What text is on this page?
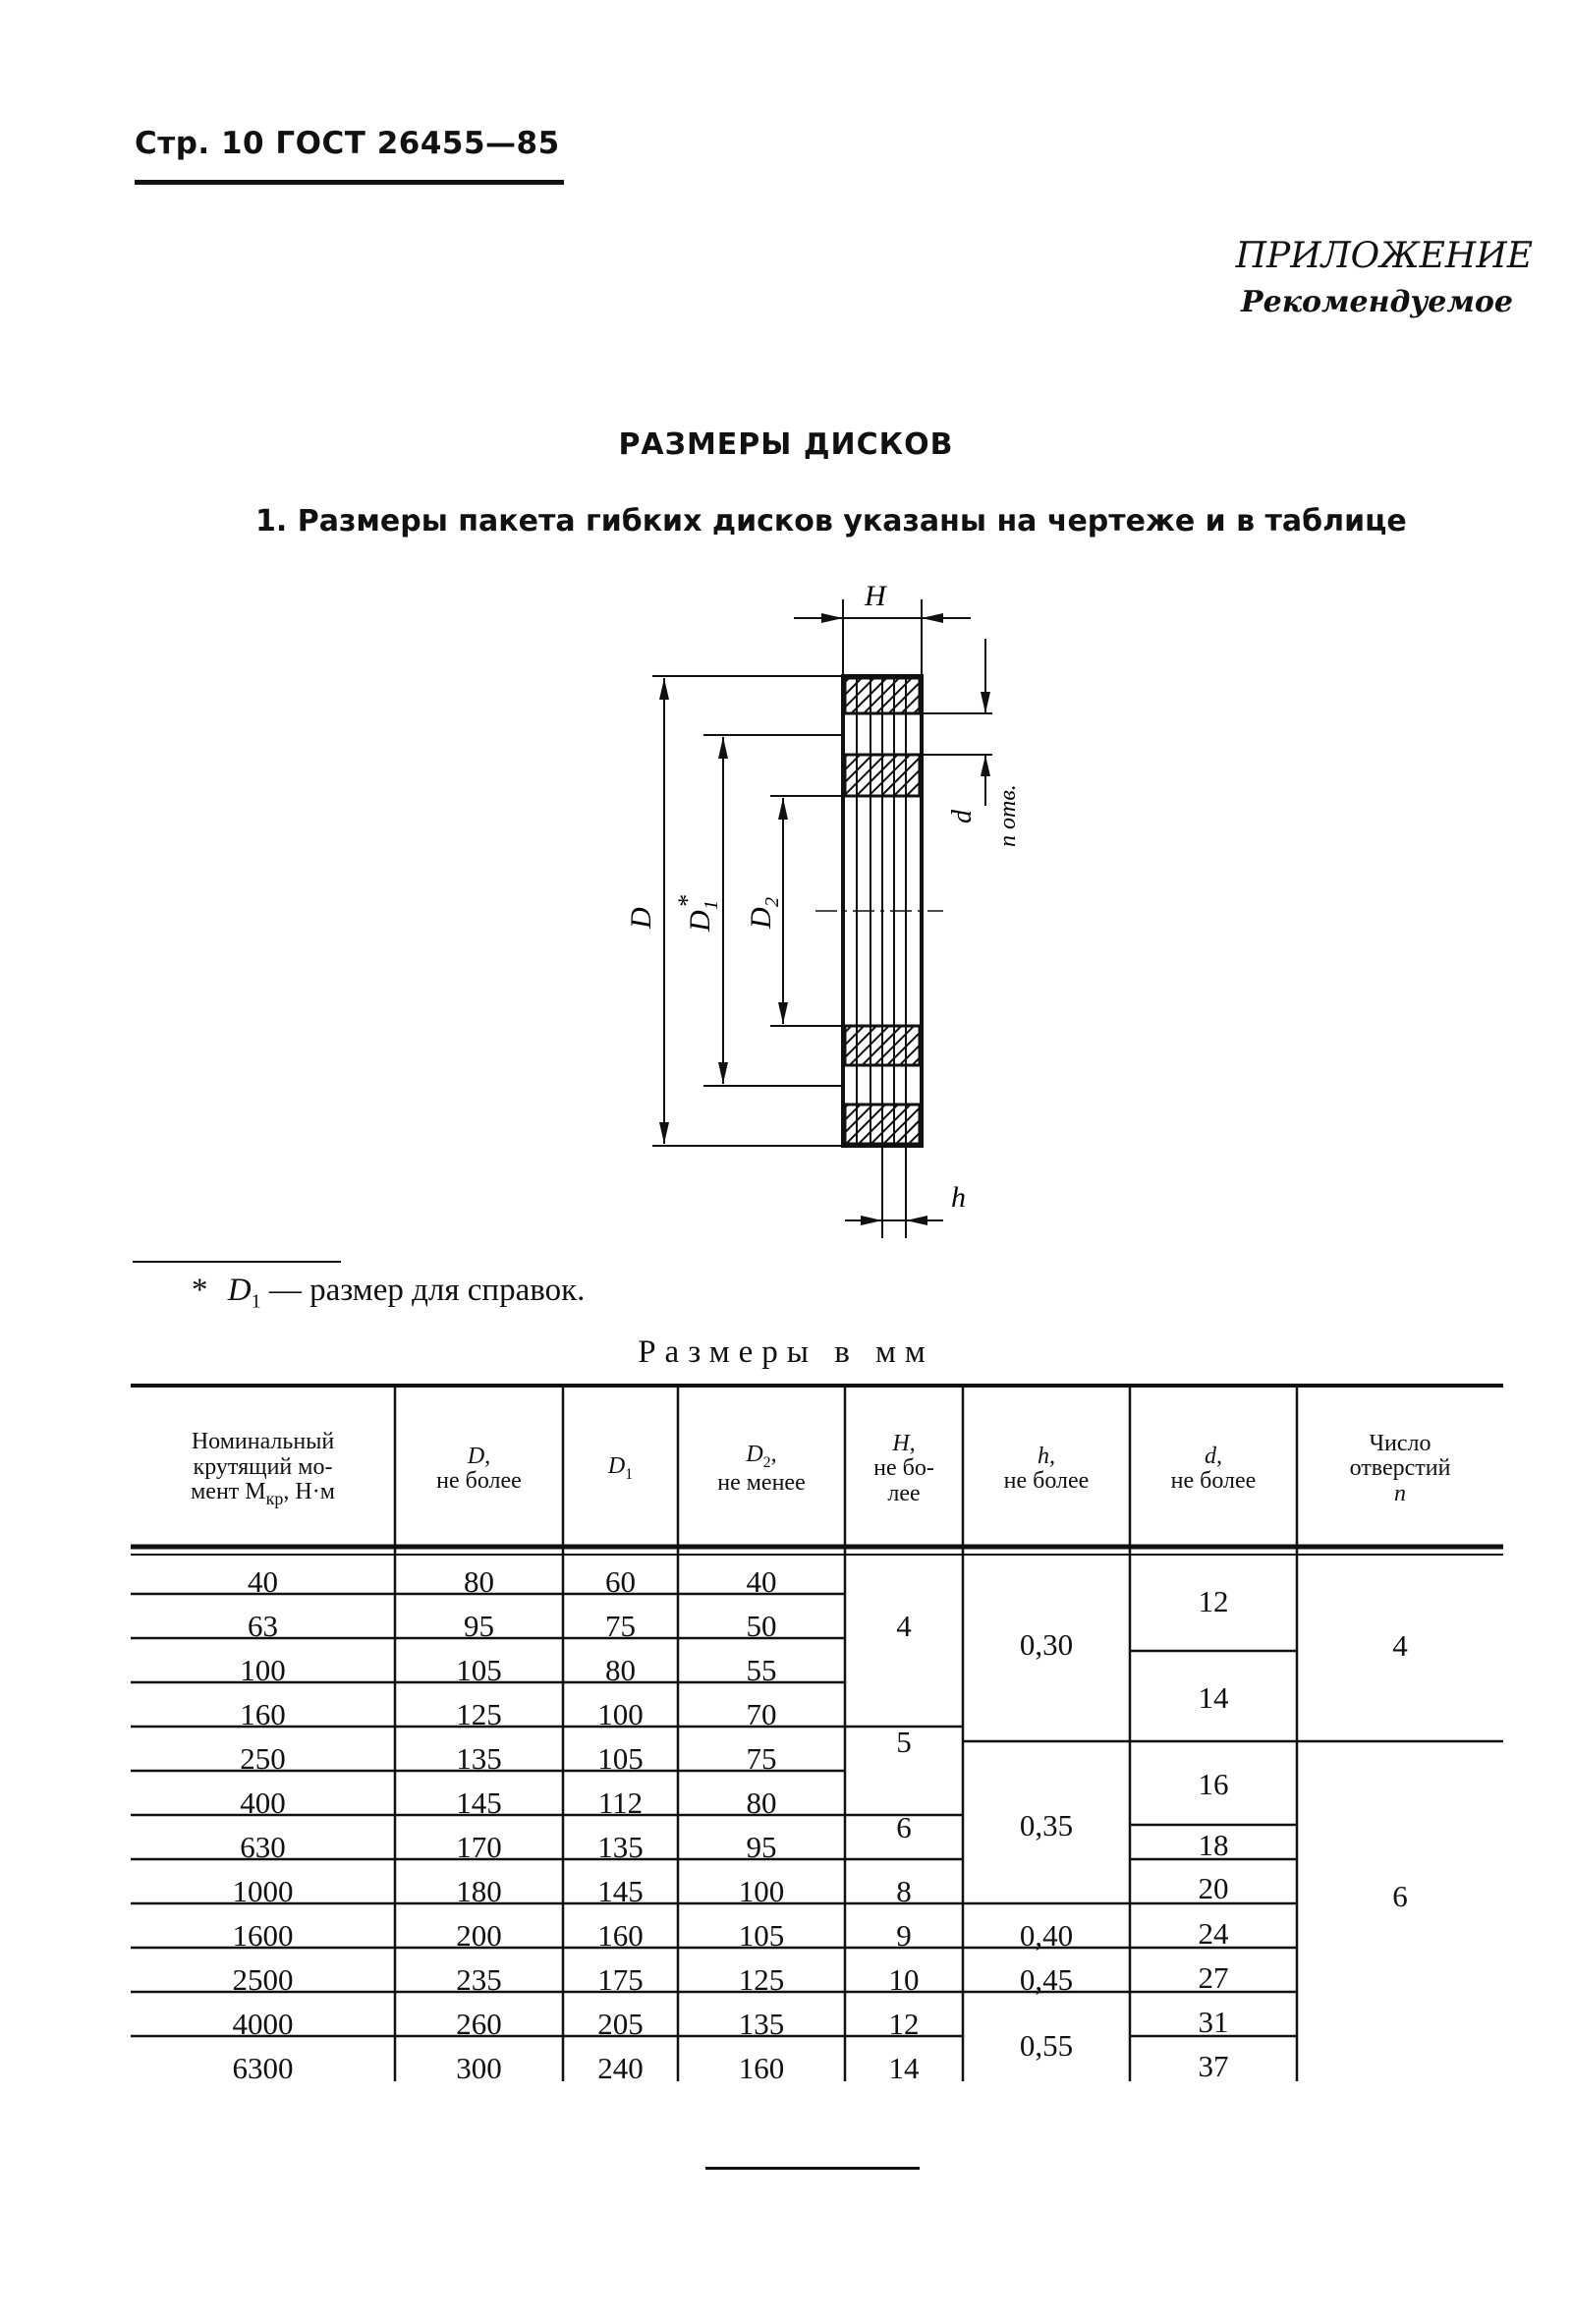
Стр. 10 ГОСТ 26455—85
ПРИЛОЖЕНИЕ
Рекомендуемое
РАЗМЕРЫ ДИСКОВ
1. Размеры пакета гибких дисков указаны на чертеже и в таблице
H
D D
1
*
D
2
d n отв.
h
* $D_1$ — размер для справок.
Размеры в мм
Номинальный
крутящий мо-
мент $M_{кр}$, Н·м
D,
не более
$D_1$
$D_2$,
не менее
H,
не бо-
лее
h,
не более
d,
не более
Число
отверстий
n
40
63
100
160
250
400
630
1000
1600
2500
4000
6300
80
95
105
125
135
145
170
180
200
235
260
300
60
75
80
100
105
112
135
145
160
175
205
240
40
50
55
70
75
80
95
100
105
125
135
160
4
5
6
8
9
10
12
14
0,30
0,35
0,40
0,45
0,55
12
14
16
18
20
24
27
31
37
4
6
